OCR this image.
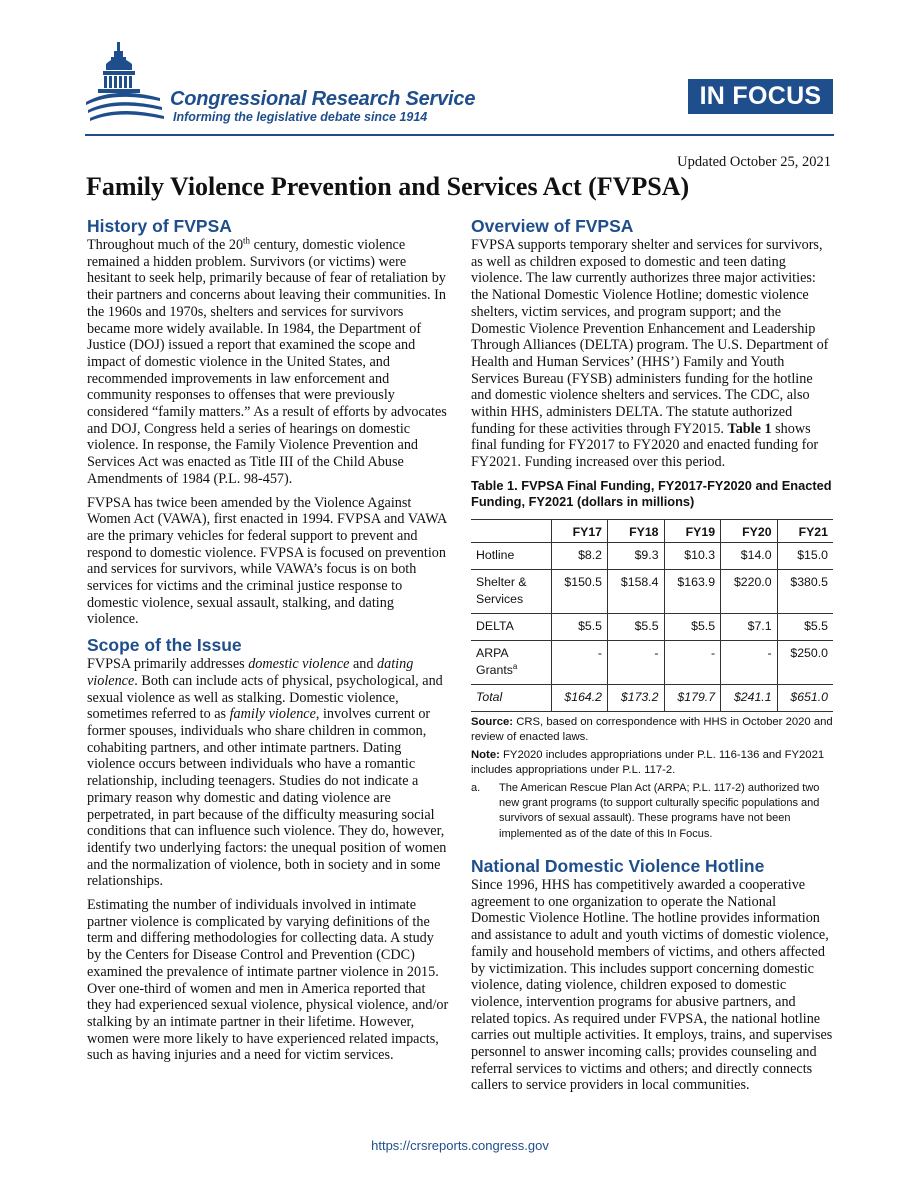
Congressional Research Service
Informing the legislative debate since 1914
IN FOCUS
Updated October 25, 2021
Family Violence Prevention and Services Act (FVPSA)
History of FVPSA

Throughout much of the 20th century, domestic violence remained a hidden problem. Survivors (or victims) were hesitant to seek help, primarily because of fear of retaliation by their partners and concerns about leaving their communities. In the 1960s and 1970s, shelters and services for survivors became more widely available. In 1984, the Department of Justice (DOJ) issued a report that examined the scope and impact of domestic violence in the United States, and recommended improvements in law enforcement and community responses to offenses that were previously considered “family matters.” As a result of efforts by advocates and DOJ, Congress held a series of hearings on domestic violence. In response, the Family Violence Prevention and Services Act was enacted as Title III of the Child Abuse Amendments of 1984 (P.L. 98-457).

FVPSA has twice been amended by the Violence Against Women Act (VAWA), first enacted in 1994. FVPSA and VAWA are the primary vehicles for federal support to prevent and respond to domestic violence. FVPSA is focused on prevention and services for survivors, while VAWA’s focus is on both services for victims and the criminal justice response to domestic violence, sexual assault, stalking, and dating violence.

Scope of the Issue

FVPSA primarily addresses domestic violence and dating violence. Both can include acts of physical, psychological, and sexual violence as well as stalking. Domestic violence, sometimes referred to as family violence, involves current or former spouses, individuals who share children in common, cohabiting partners, and other intimate partners. Dating violence occurs between individuals who have a romantic relationship, including teenagers. Studies do not indicate a primary reason why domestic and dating violence are perpetrated, in part because of the difficulty measuring social conditions that can influence such violence. They do, however, identify two underlying factors: the unequal position of women and the normalization of violence, both in society and in some relationships.

Estimating the number of individuals involved in intimate partner violence is complicated by varying definitions of the term and differing methodologies for collecting data. A study by the Centers for Disease Control and Prevention (CDC) examined the prevalence of intimate partner violence in 2015. Over one-third of women and men in America reported that they had experienced sexual violence, physical violence, and/or stalking by an intimate partner in their lifetime. However, women were more likely to have experienced related impacts, such as having injuries and a need for victim services.

Overview of FVPSA

FVPSA supports temporary shelter and services for survivors, as well as children exposed to domestic and teen dating violence. The law currently authorizes three major activities: the National Domestic Violence Hotline; domestic violence shelters, victim services, and program support; and the Domestic Violence Prevention Enhancement and Leadership Through Alliances (DELTA) program. The U.S. Department of Health and Human Services’ (HHS’) Family and Youth Services Bureau (FYSB) administers funding for the hotline and domestic violence shelters and services. The CDC, also within HHS, administers DELTA. The statute authorized funding for these activities through FY2015. Table 1 shows final funding for FY2017 to FY2020 and enacted funding for FY2021. Funding increased over this period.

Table 1. FVPSA Final Funding, FY2017-FY2020 and Enacted Funding, FY2021 (dollars in millions)
	FY17	FY18	FY19	FY20	FY21
Hotline	$8.2	$9.3	$10.3	$14.0	$15.0
Shelter & Services	$150.5	$158.4	$163.9	$220.0	$380.5
DELTA	$5.5	$5.5	$5.5	$7.1	$5.5
ARPA Grants$^a$	-	-	-	-	$250.0
Total	$164.2	$173.2	$179.7	$241.1	$651.0
Source: CRS, based on correspondence with HHS in October 2020 and review of enacted laws.
Note: FY2020 includes appropriations under P.L. 116-136 and FY2021 includes appropriations under P.L. 117-2.
a.	The American Rescue Plan Act (ARPA; P.L. 117-2) authorized two new grant programs (to support culturally specific populations and survivors of sexual assault). These programs have not been implemented as of the date of this In Focus.
National Domestic Violence Hotline

Since 1996, HHS has competitively awarded a cooperative agreement to one organization to operate the National Domestic Violence Hotline. The hotline provides information and assistance to adult and youth victims of domestic violence, family and household members of victims, and others affected by victimization. This includes support concerning domestic violence, dating violence, children exposed to domestic violence, intervention programs for abusive partners, and related topics. As required under FVPSA, the national hotline carries out multiple activities. It employs, trains, and supervises personnel to answer incoming calls; provides counseling and referral services to victims and others; and directly connects callers to service providers in local communities.

https://crsreports.congress.gov
